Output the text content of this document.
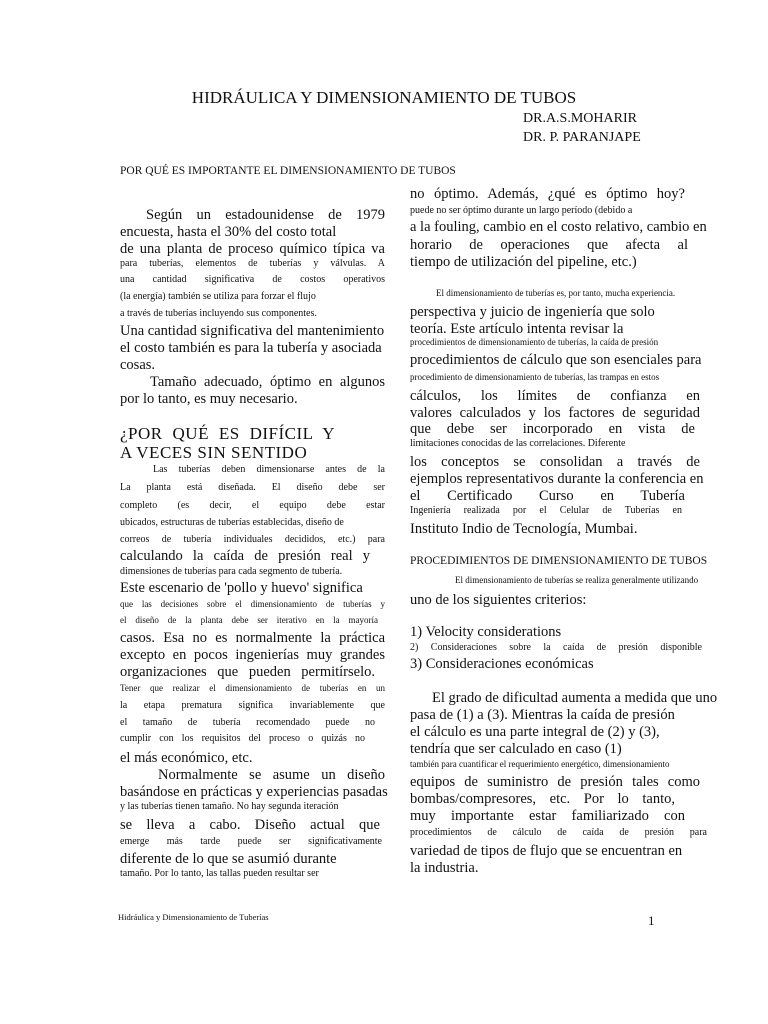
HIDRÁULICA Y DIMENSIONAMIENTO DE TUBOS
DR.A.S.MOHARIR
DR. P. PARANJAPE
POR QUÉ ES IMPORTANTE EL DIMENSIONAMIENTO DE TUBOS
Según un estadounidense de 1979
encuesta, hasta el 30% del costo total
de una planta de proceso químico típica va
para tuberías, elementos de tuberías y válvulas. A
una cantidad significativa de costos operativos
(la energía) también se utiliza para forzar el flujo
a través de tuberías incluyendo sus componentes.
Una cantidad significativa del mantenimiento
el costo también es para la tubería y asociada
cosas.
Tamaño adecuado, óptimo en algunos
por lo tanto, es muy necesario.
¿POR QUÉ ES DIFÍCIL Y
A VECES SIN SENTIDO
Las tuberías deben dimensionarse antes de la
La planta está diseñada. El diseño debe ser
completo (es decir, el equipo debe estar
ubicados, estructuras de tuberías establecidas, diseño de
correos de tubería individuales decididos, etc.) para
calculando la caída de presión real y
dimensiones de tuberías para cada segmento de tubería.
Este escenario de 'pollo y huevo' significa
que las decisiones sobre el dimensionamiento de tuberías y
el diseño de la planta debe ser iterativo en la mayoría
casos. Esa no es normalmente la práctica
excepto en pocos ingenierías muy grandes
organizaciones que pueden permitírselo.
Tener que realizar el dimensionamiento de tuberías en un
la etapa prematura significa invariablemente que
el tamaño de tubería recomendado puede no
cumplir con los requisitos del proceso o quizás no
el más económico, etc.
Normalmente se asume un diseño
basándose en prácticas y experiencias pasadas
y las tuberías tienen tamaño. No hay segunda iteración
se lleva a cabo. Diseño actual que
emerge más tarde puede ser significativamente
diferente de lo que se asumió durante
tamaño. Por lo tanto, las tallas pueden resultar ser
no óptimo. Además, ¿qué es óptimo hoy?
puede no ser óptimo durante un largo período (debido a
a la fouling, cambio en el costo relativo, cambio en
horario de operaciones que afecta al
tiempo de utilización del pipeline, etc.)
El dimensionamiento de tuberías es, por tanto, mucha experiencia.
perspectiva y juicio de ingeniería que solo
teoría. Este artículo intenta revisar la
procedimientos de dimensionamiento de tuberías, la caída de presión
procedimientos de cálculo que son esenciales para
procedimiento de dimensionamiento de tuberías, las trampas en estos
cálculos, los límites de confianza en
valores calculados y los factores de seguridad
que debe ser incorporado en vista de
limitaciones conocidas de las correlaciones. Diferente
los conceptos se consolidan a través de
ejemplos representativos durante la conferencia en
el Certificado Curso en Tubería
Ingeniería realizada por el Celular de Tuberías en
Instituto Indio de Tecnología, Mumbai.
PROCEDIMIENTOS DE DIMENSIONAMIENTO DE TUBOS
El dimensionamiento de tuberías se realiza generalmente utilizando
uno de los siguientes criterios:
1) Velocity considerations
2) Consideraciones sobre la caída de presión disponible
3) Consideraciones económicas
El grado de dificultad aumenta a medida que uno
pasa de (1) a (3). Mientras la caída de presión
el cálculo es una parte integral de (2) y (3),
tendría que ser calculado en caso (1)
también para cuantificar el requerimiento energético, dimensionamiento
equipos de suministro de presión tales como
bombas/compresores, etc. Por lo tanto,
muy importante estar familiarizado con
procedimientos de cálculo de caída de presión para
variedad de tipos de flujo que se encuentran en
la industria.
Hidráulica y Dimensionamiento de Tuberías	1
